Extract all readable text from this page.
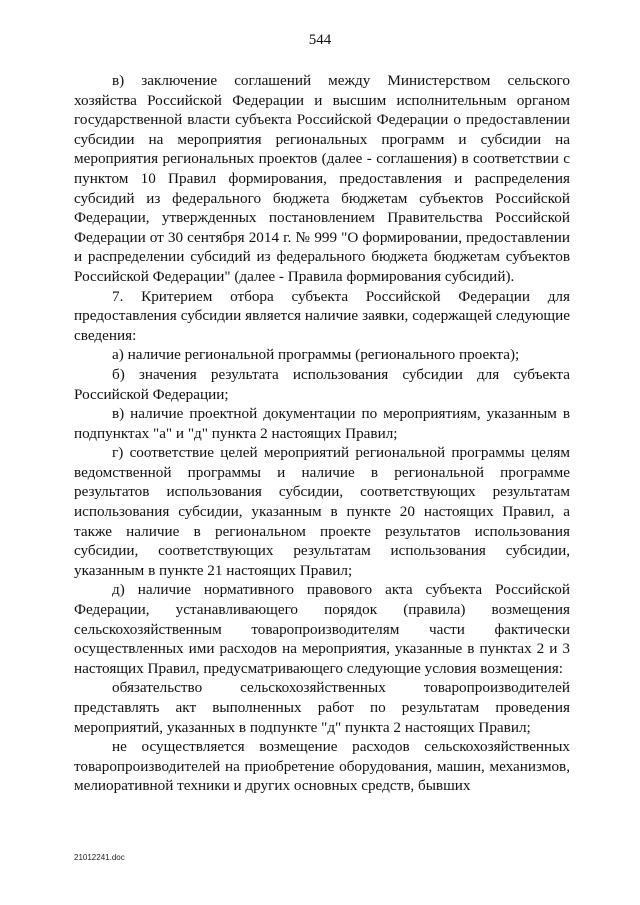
544

в) заключение соглашений между Министерством сельского хозяйства Российской Федерации и высшим исполнительным органом государственной власти субъекта Российской Федерации о предоставлении субсидии на мероприятия региональных программ и субсидии на мероприятия региональных проектов (далее - соглашения) в соответствии с пунктом 10 Правил формирования, предоставления и распределения субсидий из федерального бюджета бюджетам субъектов Российской Федерации, утвержденных постановлением Правительства Российской Федерации от 30 сентября 2014 г. № 999 "О формировании, предоставлении и распределении субсидий из федерального бюджета бюджетам субъектов Российской Федерации" (далее - Правила формирования субсидий).

7. Критерием отбора субъекта Российской Федерации для предоставления субсидии является наличие заявки, содержащей следующие сведения:

а) наличие региональной программы (регионального проекта);

б) значения результата использования субсидии для субъекта Российской Федерации;

в) наличие проектной документации по мероприятиям, указанным в подпунктах "а" и "д" пункта 2 настоящих Правил;

г) соответствие целей мероприятий региональной программы целям ведомственной программы и наличие в региональной программе результатов использования субсидии, соответствующих результатам использования субсидии, указанным в пункте 20 настоящих Правил, а также наличие в региональном проекте результатов использования субсидии, соответствующих результатам использования субсидии, указанным в пункте 21 настоящих Правил;

д) наличие нормативного правового акта субъекта Российской Федерации, устанавливающего порядок (правила) возмещения сельскохозяйственным товаропроизводителям части фактически осуществленных ими расходов на мероприятия, указанные в пунктах 2 и 3 настоящих Правил, предусматривающего следующие условия возмещения:

обязательство сельскохозяйственных товаропроизводителей представлять акт выполненных работ по результатам проведения мероприятий, указанных в подпункте "д" пункта 2 настоящих Правил;

не осуществляется возмещение расходов сельскохозяйственных товаропроизводителей на приобретение оборудования, машин, механизмов, мелиоративной техники и других основных средств, бывших

21012241.doc
